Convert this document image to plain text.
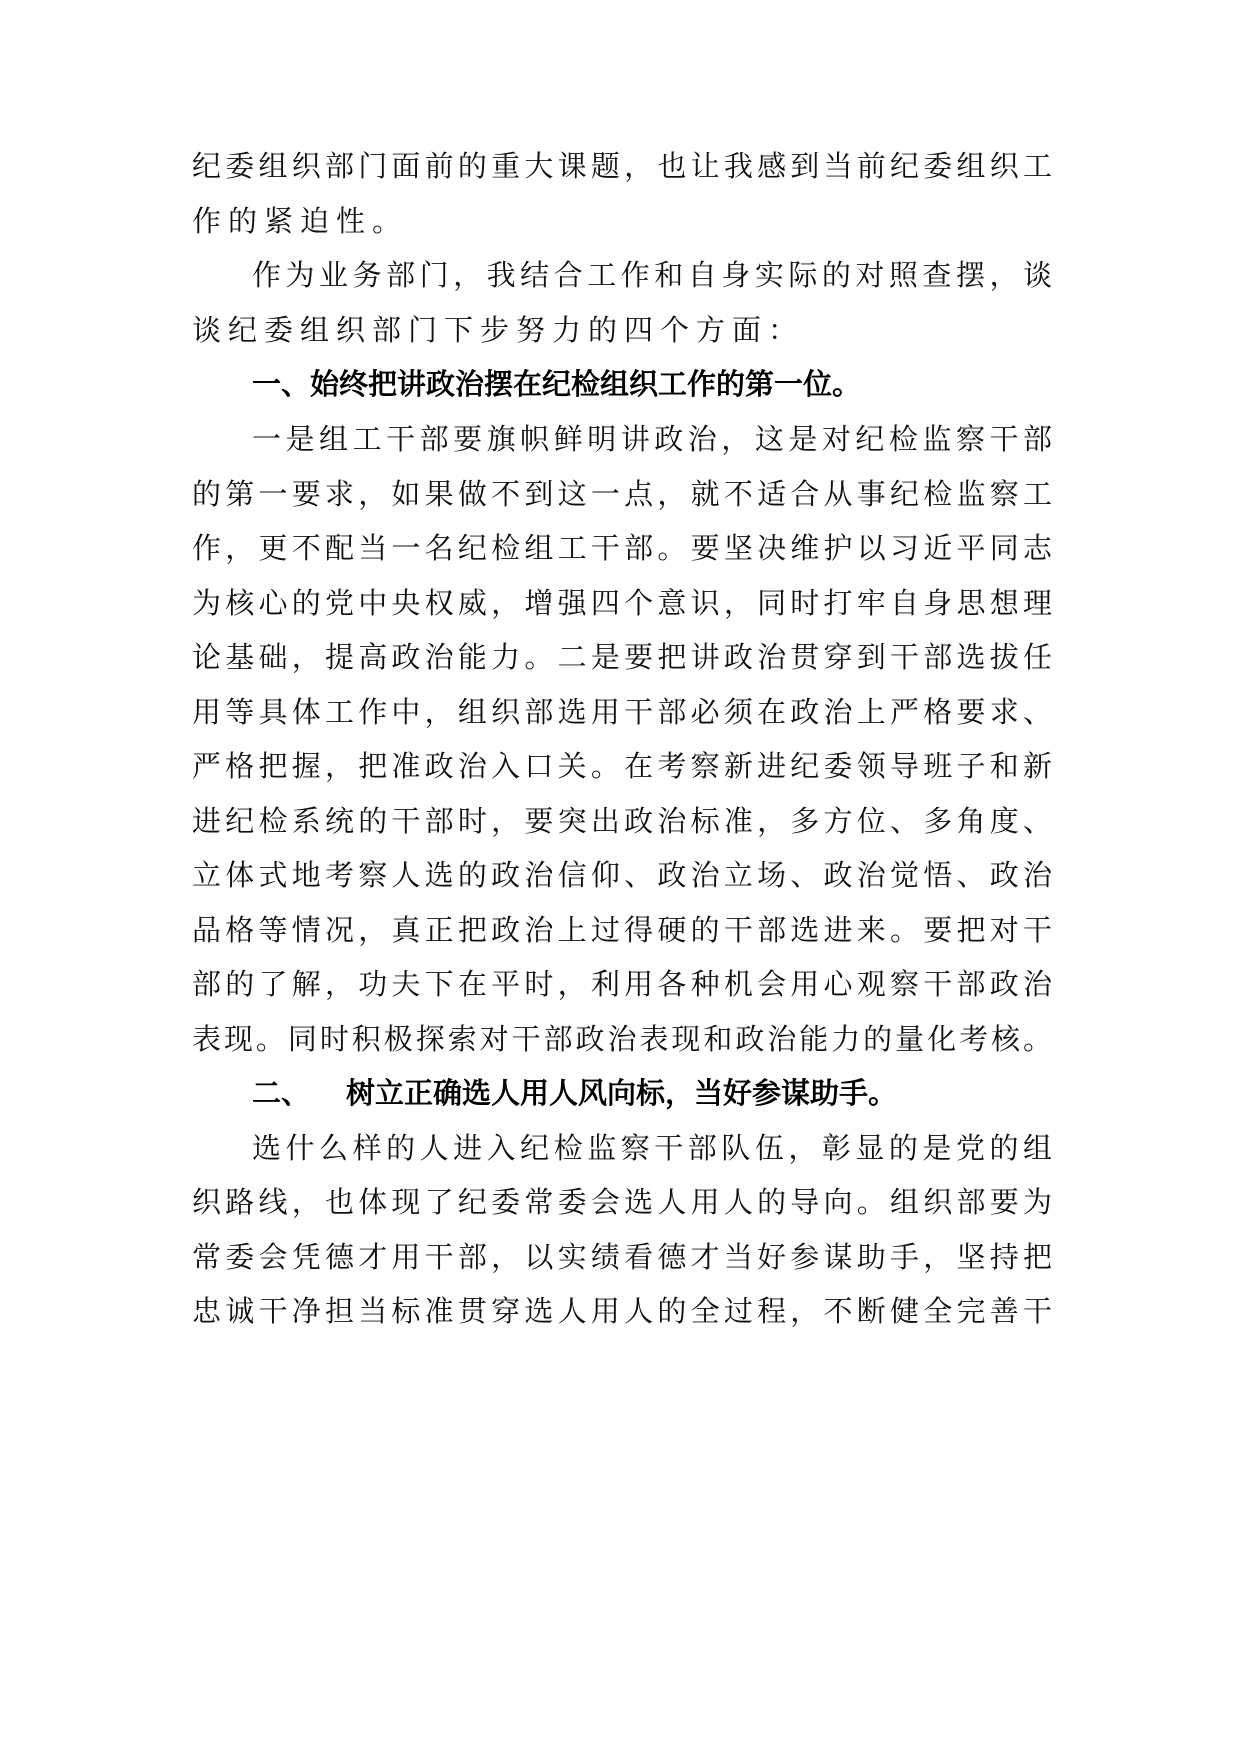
纪委组织部门面前的重大课题，也让我感到当前纪委组织工
作的紧迫性。
作为业务部门，我结合工作和自身实际的对照查摆，谈
谈纪委组织部门下步努力的四个方面：
一、始终把讲政治摆在纪检组织工作的第一位。
一是组工干部要旗帜鲜明讲政治，这是对纪检监察干部
的第一要求，如果做不到这一点，就不适合从事纪检监察工
作，更不配当一名纪检组工干部。要坚决维护以习近平同志
为核心的党中央权威，增强四个意识，同时打牢自身思想理
论基础，提高政治能力。二是要把讲政治贯穿到干部选拔任
用等具体工作中，组织部选用干部必须在政治上严格要求、
严格把握，把准政治入口关。在考察新进纪委领导班子和新
进纪检系统的干部时，要突出政治标准，多方位、多角度、
立体式地考察人选的政治信仰、政治立场、政治觉悟、政治
品格等情况，真正把政治上过得硬的干部选进来。要把对干
部的了解，功夫下在平时，利用各种机会用心观察干部政治
表现。同时积极探索对干部政治表现和政治能力的量化考核。
二、 树立正确选人用人风向标，当好参谋助手。
选什么样的人进入纪检监察干部队伍，彰显的是党的组
织路线，也体现了纪委常委会选人用人的导向。组织部要为
常委会凭德才用干部，以实绩看德才当好参谋助手，坚持把
忠诚干净担当标准贯穿选人用人的全过程，不断健全完善干
